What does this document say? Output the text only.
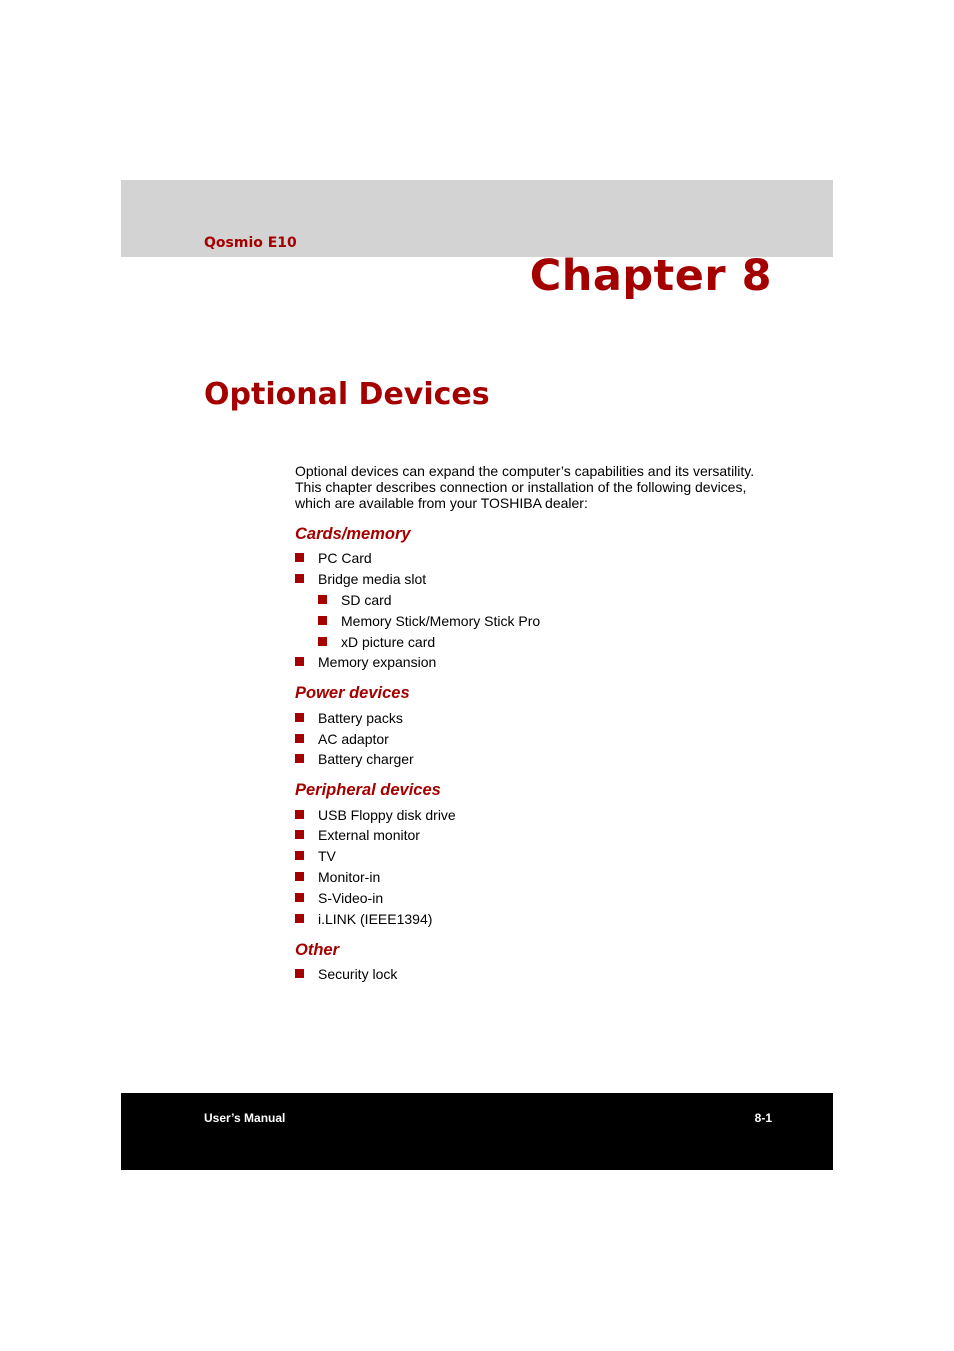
Qosmio E10
Chapter 8
Optional Devices

Optional devices can expand the computer’s capabilities and its versatility.
This chapter describes connection or installation of the following devices,
which are available from your TOSHIBA dealer:

Cards/memory
PC Card
Bridge media slot
SD card
Memory Stick/Memory Stick Pro
xD picture card
Memory expansion
Power devices
Battery packs
AC adaptor
Battery charger
Peripheral devices
USB Floppy disk drive
External monitor
TV
Monitor-in
S-Video-in
i.LINK (IEEE1394)
Other
Security lock
User’s Manual	8-1
